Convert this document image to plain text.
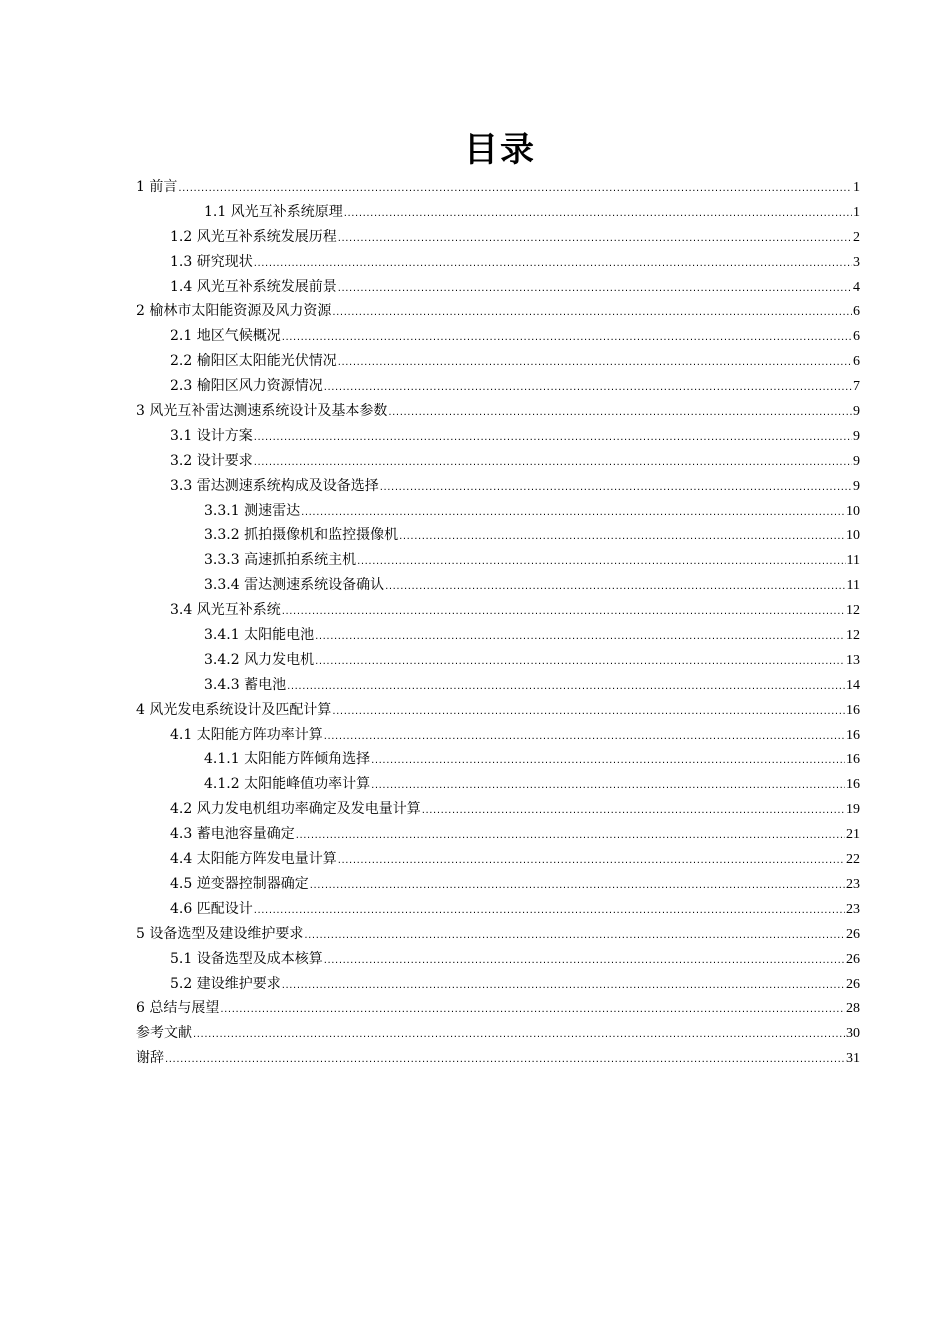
目录
1 前言 .....	1
1.1 风光互补系统原理 .....	1
1.2 风光互补系统发展历程 .....	2
1.3 研究现状 .....	3
1.4 风光互补系统发展前景 .....	4
2 榆林市太阳能资源及风力资源 .....	6
2.1 地区气候概况 .....	6
2.2 榆阳区太阳能光伏情况 .....	6
2.3 榆阳区风力资源情况 .....	7
3 风光互补雷达测速系统设计及基本参数 .....	9
3.1 设计方案 .....	9
3.2 设计要求 .....	9
3.3 雷达测速系统构成及设备选择 .....	9
3.3.1 测速雷达 .....	10
3.3.2 抓拍摄像机和监控摄像机 .....	10
3.3.3 高速抓拍系统主机 .....	11
3.3.4 雷达测速系统设备确认 .....	11
3.4 风光互补系统 .....	12
3.4.1 太阳能电池 .....	12
3.4.2 风力发电机 .....	13
3.4.3 蓄电池 .....	14
4 风光发电系统设计及匹配计算 .....	16
4.1 太阳能方阵功率计算 .....	16
4.1.1 太阳能方阵倾角选择 .....	16
4.1.2 太阳能峰值功率计算 .....	16
4.2 风力发电机组功率确定及发电量计算 .....	19
4.3 蓄电池容量确定 .....	21
4.4 太阳能方阵发电量计算 .....	22
4.5 逆变器控制器确定 .....	23
4.6 匹配设计 .....	23
5 设备选型及建设维护要求 .....	26
5.1 设备选型及成本核算 .....	26
5.2 建设维护要求 .....	26
6 总结与展望 .....	28
参考文献 .....	30
谢辞 .....	31
